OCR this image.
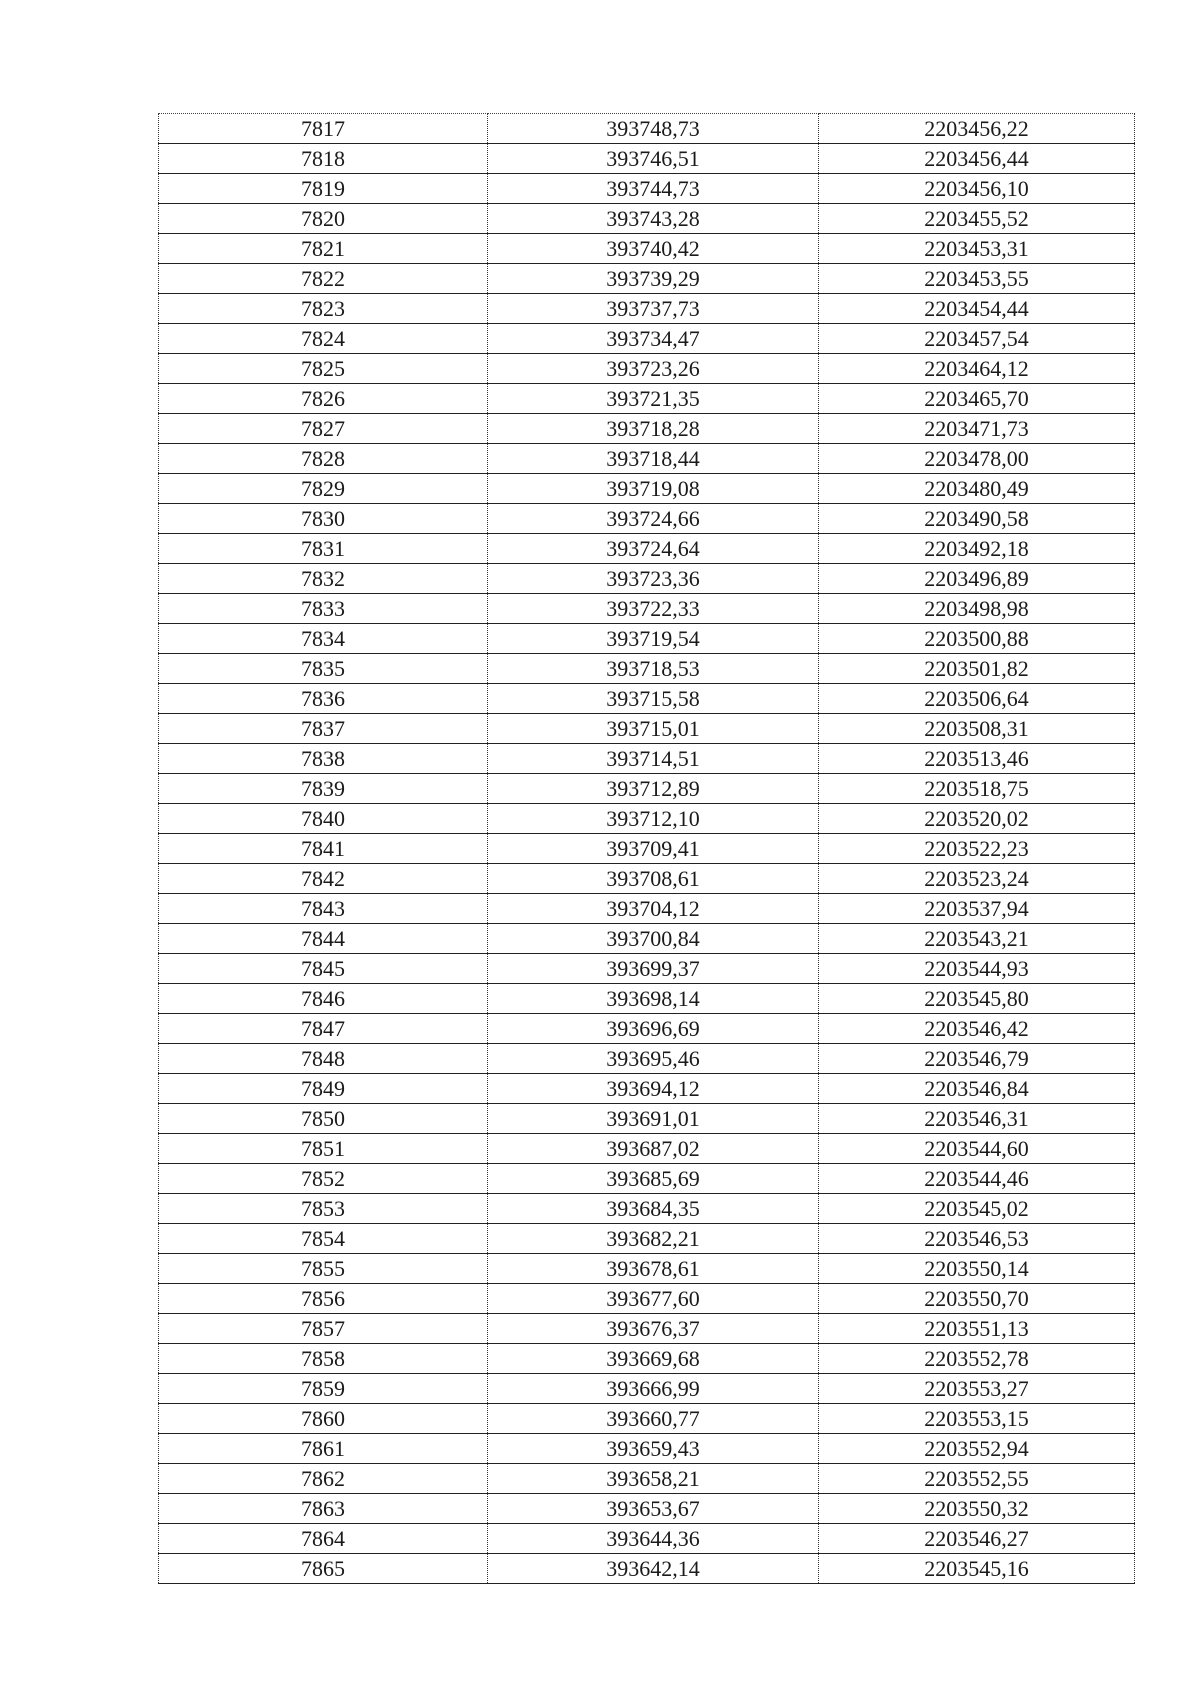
7817	393748,73	2203456,22
7818	393746,51	2203456,44
7819	393744,73	2203456,10
7820	393743,28	2203455,52
7821	393740,42	2203453,31
7822	393739,29	2203453,55
7823	393737,73	2203454,44
7824	393734,47	2203457,54
7825	393723,26	2203464,12
7826	393721,35	2203465,70
7827	393718,28	2203471,73
7828	393718,44	2203478,00
7829	393719,08	2203480,49
7830	393724,66	2203490,58
7831	393724,64	2203492,18
7832	393723,36	2203496,89
7833	393722,33	2203498,98
7834	393719,54	2203500,88
7835	393718,53	2203501,82
7836	393715,58	2203506,64
7837	393715,01	2203508,31
7838	393714,51	2203513,46
7839	393712,89	2203518,75
7840	393712,10	2203520,02
7841	393709,41	2203522,23
7842	393708,61	2203523,24
7843	393704,12	2203537,94
7844	393700,84	2203543,21
7845	393699,37	2203544,93
7846	393698,14	2203545,80
7847	393696,69	2203546,42
7848	393695,46	2203546,79
7849	393694,12	2203546,84
7850	393691,01	2203546,31
7851	393687,02	2203544,60
7852	393685,69	2203544,46
7853	393684,35	2203545,02
7854	393682,21	2203546,53
7855	393678,61	2203550,14
7856	393677,60	2203550,70
7857	393676,37	2203551,13
7858	393669,68	2203552,78
7859	393666,99	2203553,27
7860	393660,77	2203553,15
7861	393659,43	2203552,94
7862	393658,21	2203552,55
7863	393653,67	2203550,32
7864	393644,36	2203546,27
7865	393642,14	2203545,16
